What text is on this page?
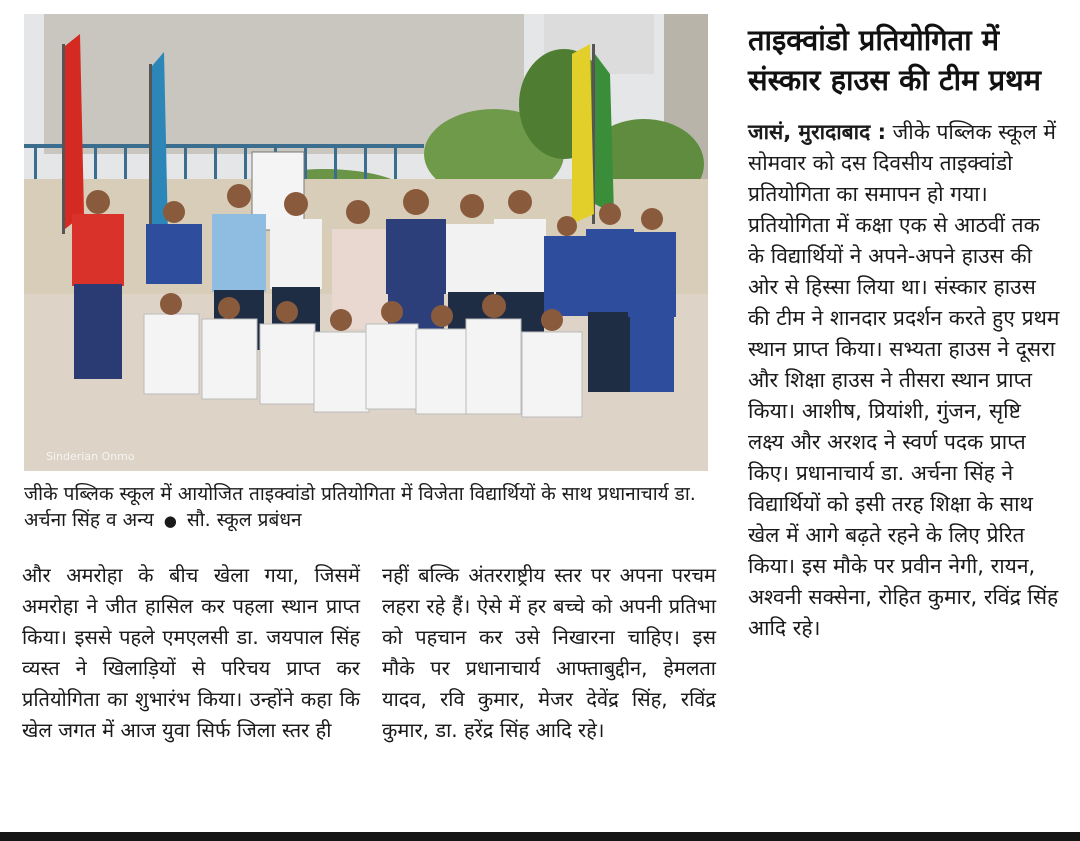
Sinderian Onmo
जीके पब्लिक स्कूल में आयोजित ताइक्वांडो प्रतियोगिता में विजेता विद्यार्थियों के साथ प्रधानाचार्य डा. अर्चना सिंह व अन्य ● सौ. स्कूल प्रबंधन
और अमरोहा के बीच खेला गया, जिसमें अमरोहा ने जीत हासिल कर पहला स्थान प्राप्त किया। इससे पहले एमएलसी डा. जयपाल सिंह व्यस्त ने खिलाड़ियों से परिचय प्राप्त कर प्रतियोगिता का शुभारंभ किया। उन्होंने कहा कि खेल जगत में आज युवा सिर्फ जिला स्तर ही
नहीं बल्कि अंतरराष्ट्रीय स्तर पर अपना परचम लहरा रहे हैं। ऐसे में हर बच्चे को अपनी प्रतिभा को पहचान कर उसे निखारना चाहिए। इस मौके पर प्रधानाचार्य आफ्ताबुद्दीन, हेमलता यादव, रवि कुमार, मेजर देवेंद्र सिंह, रविंद्र कुमार, डा. हरेंद्र सिंह आदि रहे।
ताइक्वांडो प्रतियोगिता में संस्कार हाउस की टीम प्रथम
जासं, मुरादाबाद : जीके पब्लिक स्कूल में सोमवार को दस दिवसीय ताइक्वांडो प्रतियोगिता का समापन हो गया। प्रतियोगिता में कक्षा एक से आठवीं तक के विद्यार्थियों ने अपने-अपने हाउस की ओर से हिस्सा लिया था। संस्कार हाउस की टीम ने शानदार प्रदर्शन करते हुए प्रथम स्थान प्राप्त किया। सभ्यता हाउस ने दूसरा और शिक्षा हाउस ने तीसरा स्थान प्राप्त किया। आशीष, प्रियांशी, गुंजन, सृष्टि लक्ष्य और अरशद ने स्वर्ण पदक प्राप्त किए। प्रधानाचार्य डा. अर्चना सिंह ने विद्यार्थियों को इसी तरह शिक्षा के साथ खेल में आगे बढ़ते रहने के लिए प्रेरित किया। इस मौके पर प्रवीन नेगी, रायन, अश्वनी सक्सेना, रोहित कुमार, रविंद्र सिंह आदि रहे।
